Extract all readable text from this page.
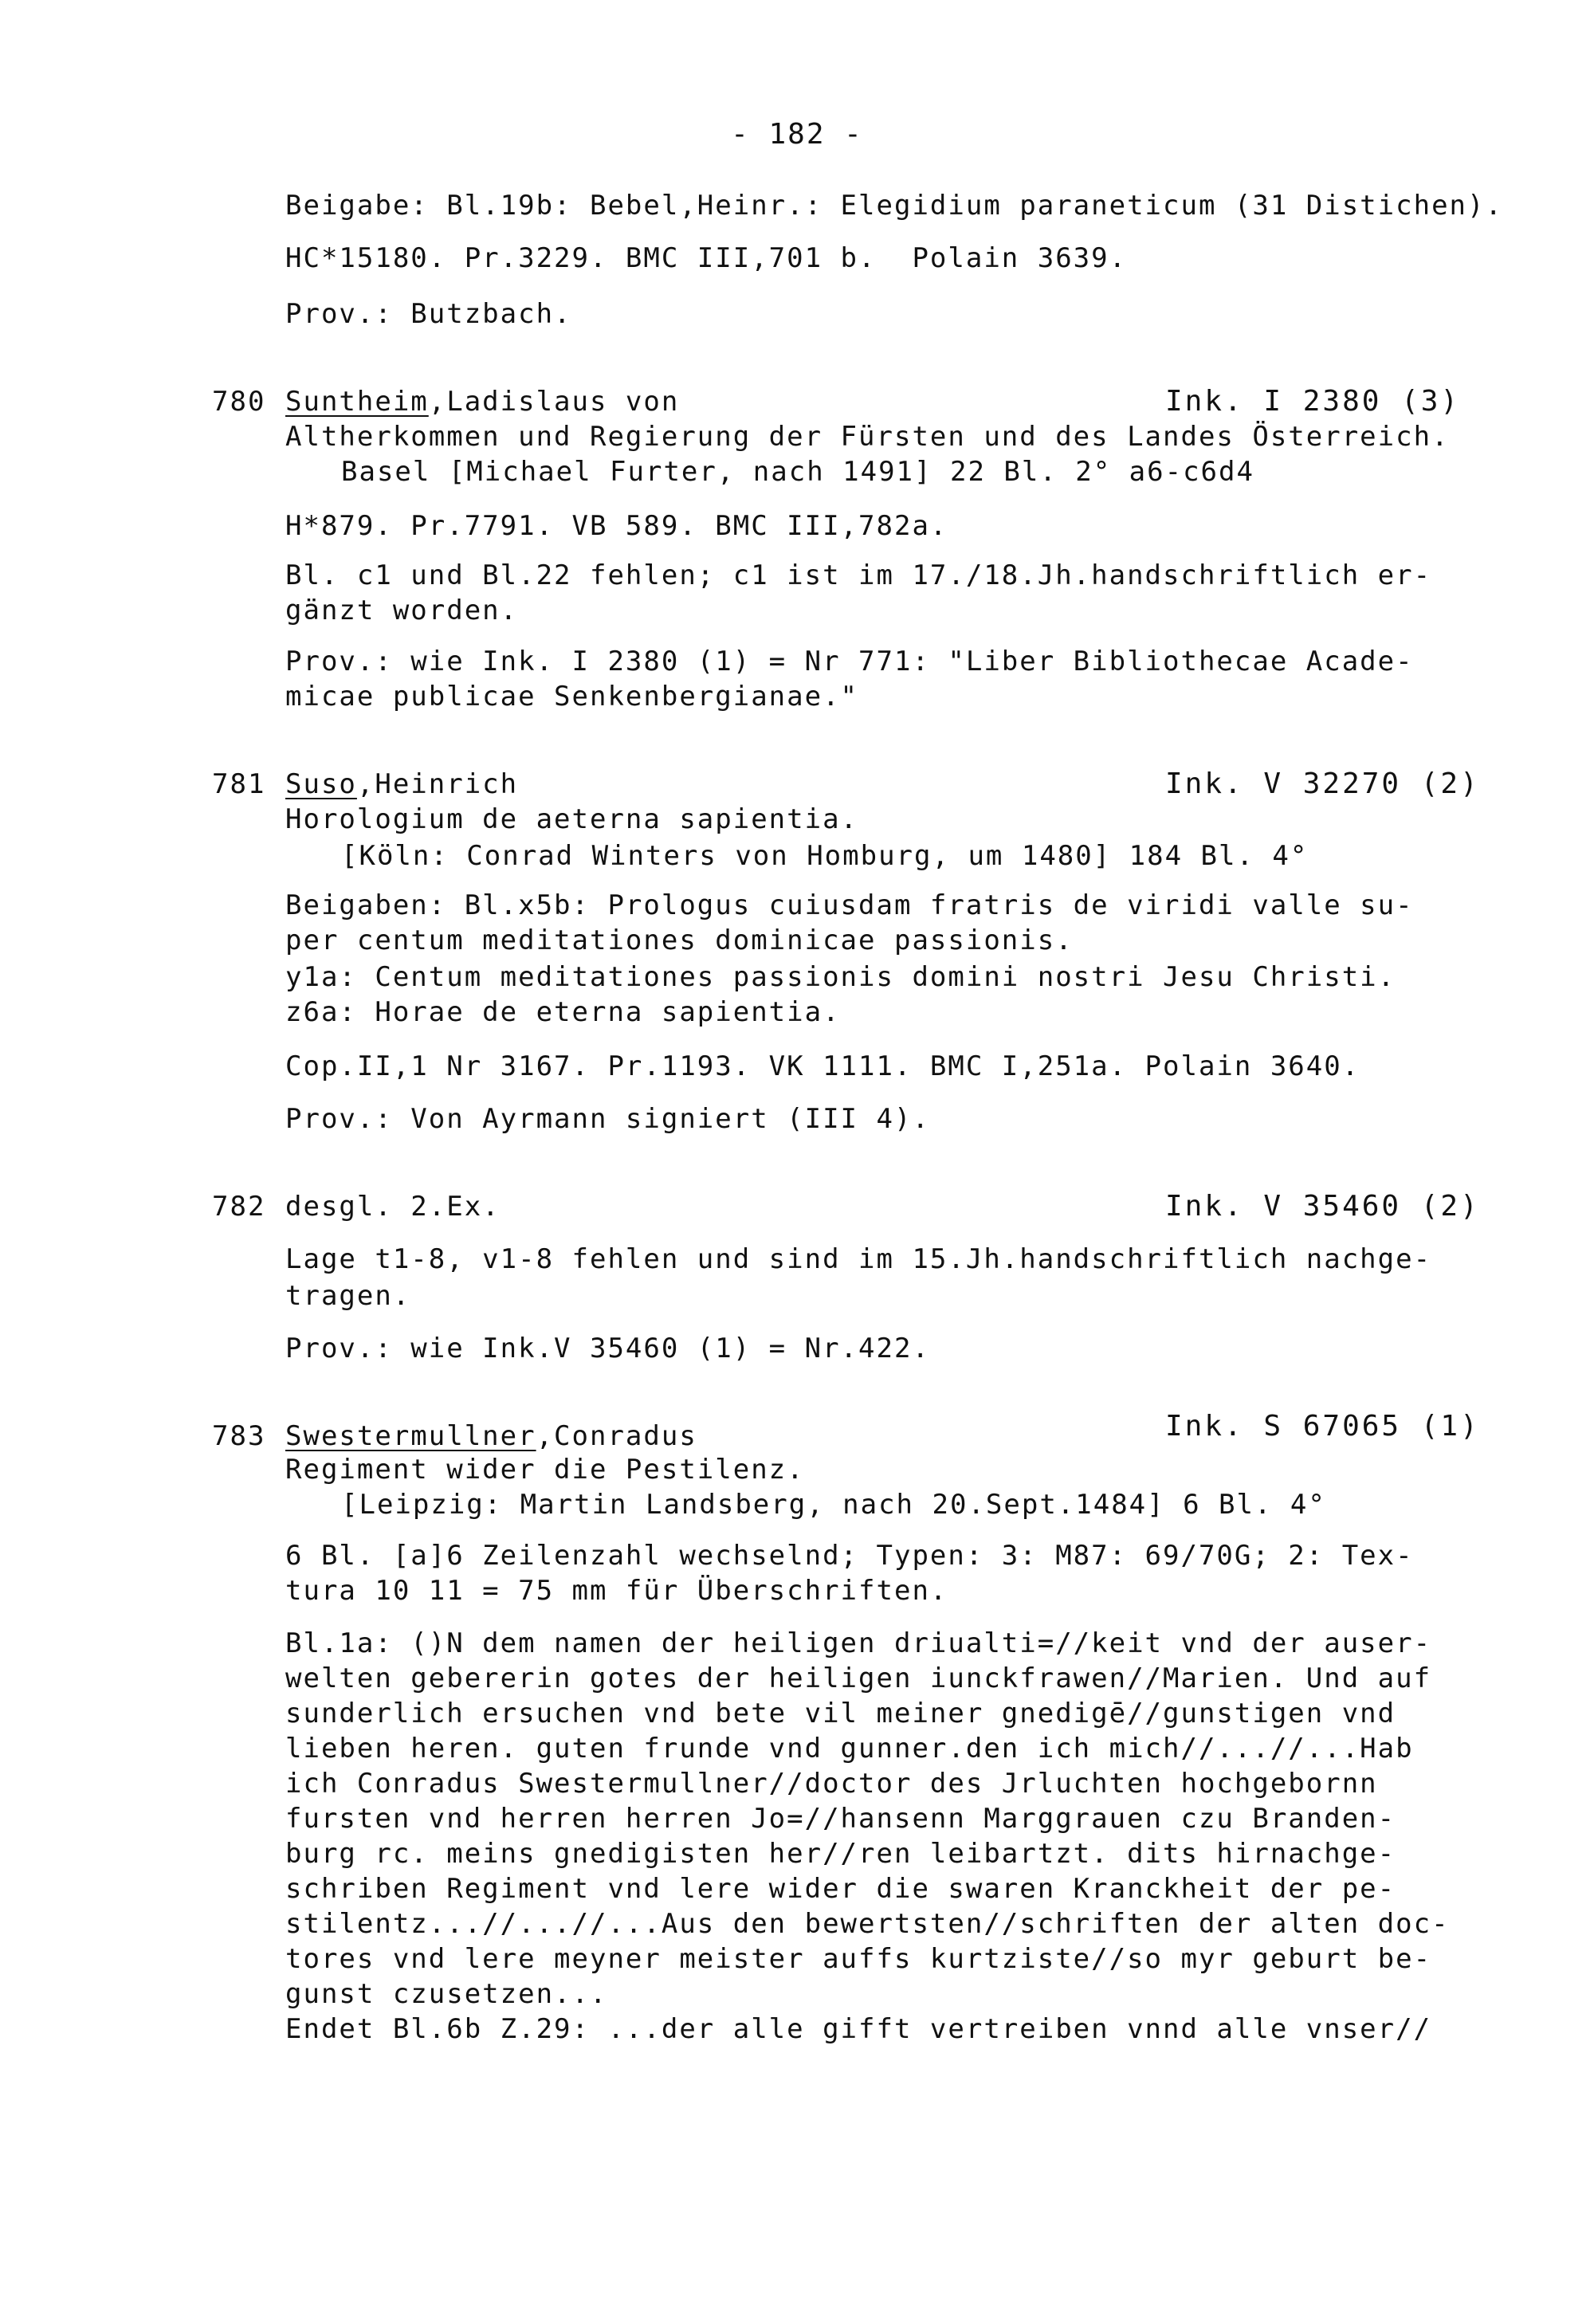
- 182 -
Beigabe: Bl.19b: Bebel,Heinr.: Elegidium paraneticum (31 Distichen).
HC*15180. Pr.3229. BMC III,701 b.  Polain 3639.
Prov.: Butzbach.
780 Suntheim,Ladislaus von	Ink. I 2380 (3)
Altherkommen und Regierung der Fürsten und des Landes Österreich.
Basel [Michael Furter, nach 1491] 22 Bl. 2° a6-c6d4
H*879. Pr.7791. VB 589. BMC III,782a.
Bl. c1 und Bl.22 fehlen; c1 ist im 17./18.Jh.handschriftlich er-
gänzt worden.
Prov.: wie Ink. I 2380 (1) = Nr 771: "Liber Bibliothecae Acade-
micae publicae Senkenbergianae."
781 Suso,Heinrich	Ink. V 32270 (2)
Horologium de aeterna sapientia.
[Köln: Conrad Winters von Homburg, um 1480] 184 Bl. 4°
Beigaben: Bl.x5b: Prologus cuiusdam fratris de viridi valle su-
per centum meditationes dominicae passionis.
y1a: Centum meditationes passionis domini nostri Jesu Christi.
z6a: Horae de eterna sapientia.
Cop.II,1 Nr 3167. Pr.1193. VK 1111. BMC I,251a. Polain 3640.
Prov.: Von Ayrmann signiert (III 4).
782 desgl. 2.Ex.	Ink. V 35460 (2)
Lage t1-8, v1-8 fehlen und sind im 15.Jh.handschriftlich nachge-
tragen.
Prov.: wie Ink.V 35460 (1) = Nr.422.
783 Swestermullner,Conradus	Ink. S 67065 (1)
Regiment wider die Pestilenz.
[Leipzig: Martin Landsberg, nach 20.Sept.1484] 6 Bl. 4°
6 Bl. [a]6 Zeilenzahl wechselnd; Typen: 3: M87: 69/70G; 2: Tex-
tura 10 11 = 75 mm für Überschriften.
Bl.1a: ()N dem namen der heiligen driualti=//keit vnd der auser-
welten gebererin gotes der heiligen iunckfrawen//Marien. Und auf
sunderlich ersuchen vnd bete vil meiner gnedigē//gunstigen vnd
lieben heren. guten frunde vnd gunner.den ich mich//...//...Hab
ich Conradus Swestermullner//doctor des Jrluchten hochgebornn
fursten vnd herren herren Jo=//hansenn Marggrauen czu Branden-
burg rc. meins gnedigisten her//ren leibartzt. dits hirnachge-
schriben Regiment vnd lere wider die swaren Kranckheit der pe-
stilentz...//...//...Aus den bewertsten//schriften der alten doc-
tores vnd lere meyner meister auffs kurtziste//so myr geburt be-
gunst czusetzen...
Endet Bl.6b Z.29: ...der alle gifft vertreiben vnnd alle vnser//
